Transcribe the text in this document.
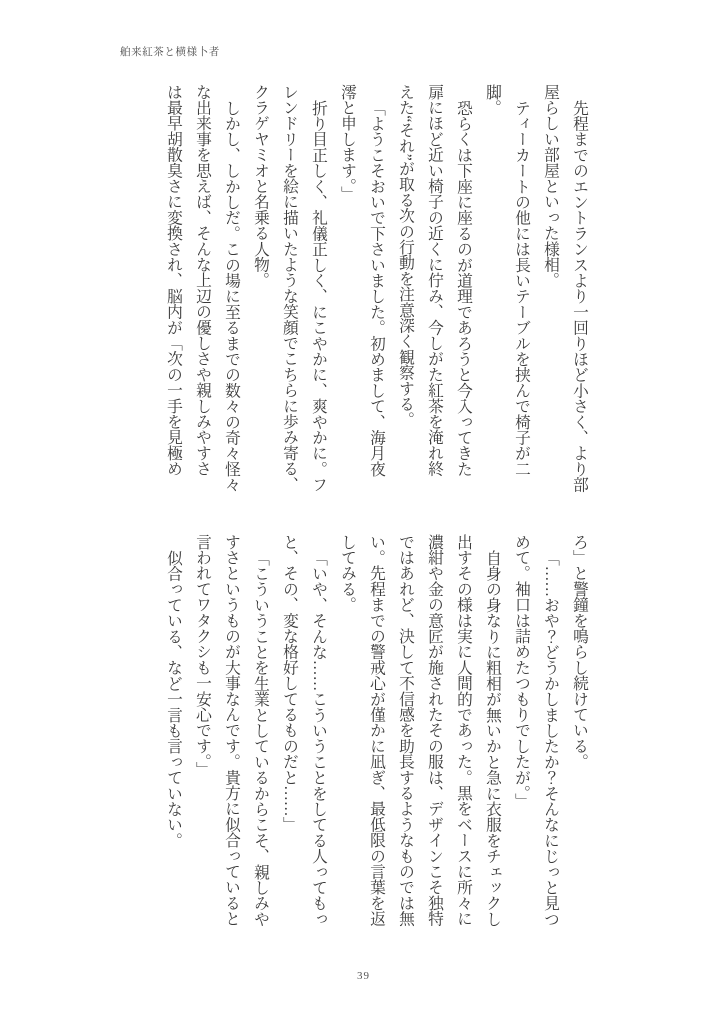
舶来紅茶と横様卜者
先程までのエントランスより一回りほど小さく、より部
屋らしい部屋といった様相。
ティーカートの他には長いテーブルを挟んで椅子が二
脚。
恐らくは下座に座るのが道理であろうと今入ってきた
扉にほど近い椅子の近くに佇み、今しがた紅茶を淹れ終
えた“それ”が取る次の行動を注意深く観察する。
「ようこそおいで下さいました。初めまして、海月夜
澪と申します。」
折り目正しく、礼儀正しく、にこやかに、爽やかに。フ
レンドリーを絵に描いたような笑顔でこちらに歩み寄る、
クラゲヤミオと名乗る人物。
しかし、しかしだ。この場に至るまでの数々の奇々怪々
な出来事を思えば、そんな上辺の優しさや親しみやすさ
は最早胡散臭さに変換され、脳内が「次の一手を見極め
ろ」と警鐘を鳴らし続けている。
「……おや？どうかしましたか？そんなにじっと見つ
めて。袖口は詰めたつもりでしたが。」
自身の身なりに粗相が無いかと急に衣服をチェックし
出すその様は実に人間的であった。黒をベースに所々に
濃紺や金の意匠が施されたその服は、デザインこそ独特
ではあれど、決して不信感を助長するようなものでは無
い。先程までの警戒心が僅かに凪ぎ、最低限の言葉を返
してみる。
「いや、そんな……こういうことをしてる人ってもっ
と、その、変な格好してるものだと……」
「こういうことを生業としているからこそ、親しみや
すさというものが大事なんです。貴方に似合っていると
言われてワタクシも一安心です。」
似合っている、など一言も言っていない。
39
